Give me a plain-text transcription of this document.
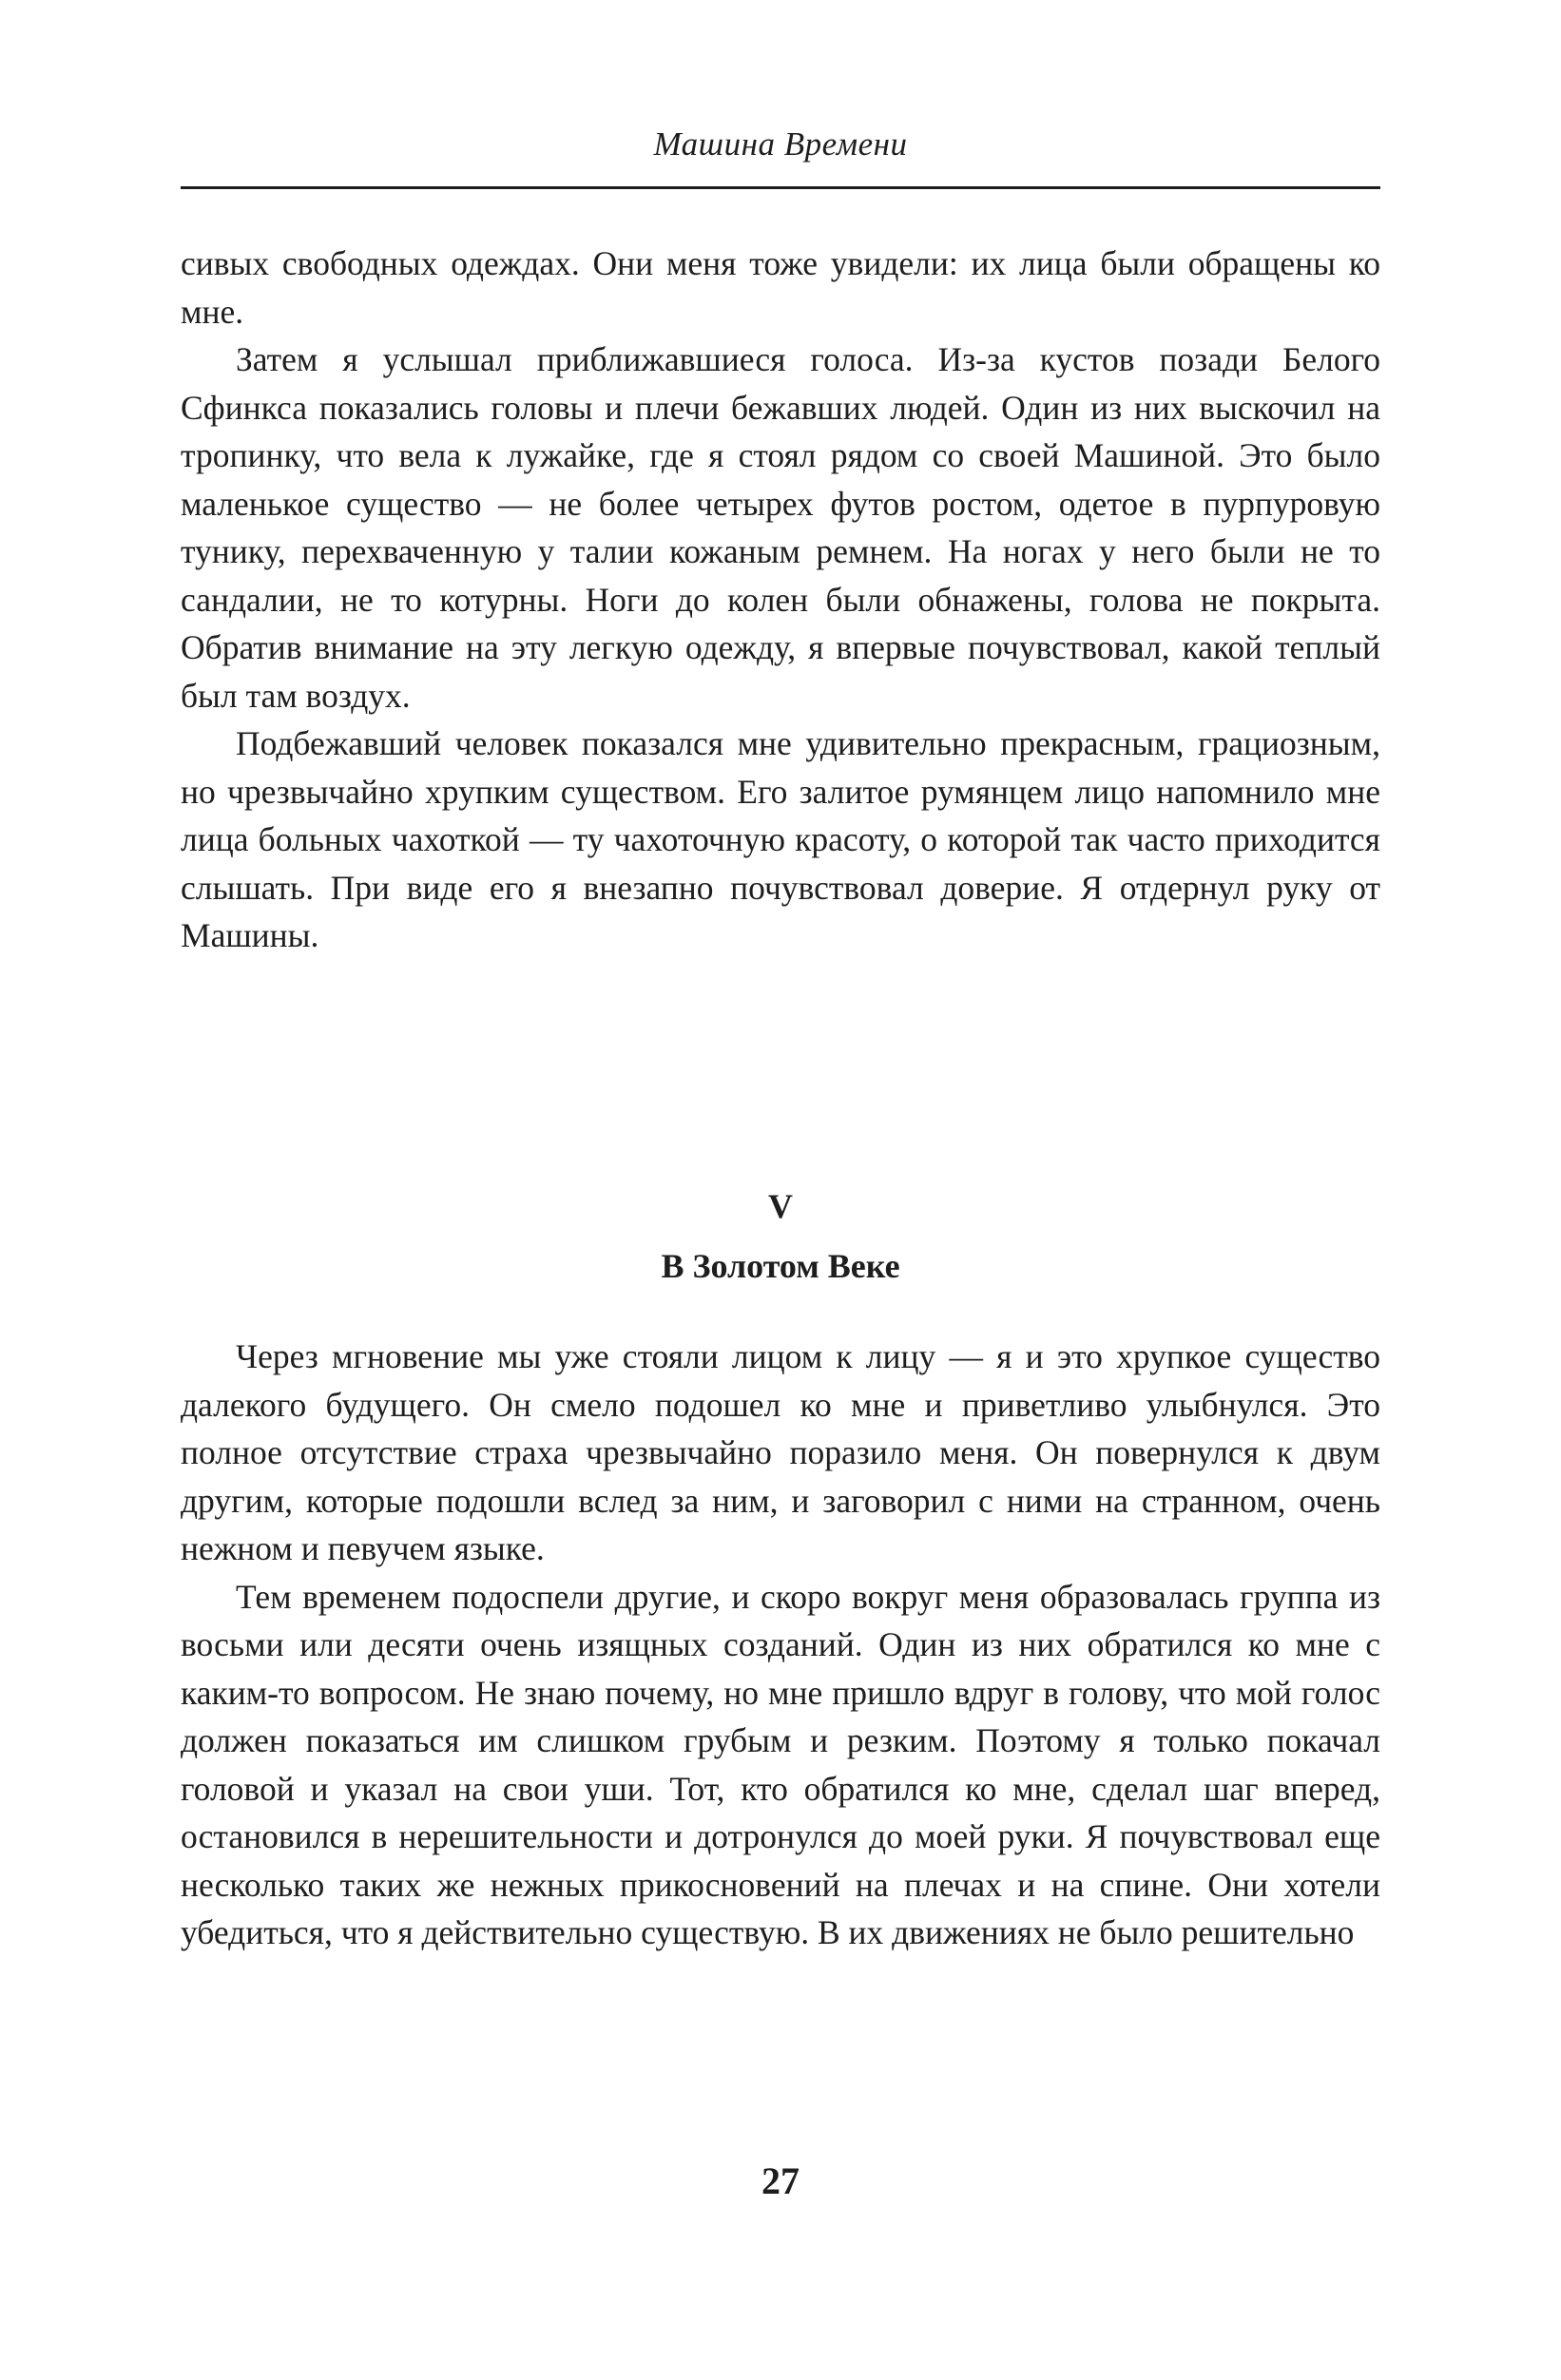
Машина Времени

сивых свободных одеждах. Они меня тоже увидели: их лица были обращены ко мне.

Затем я услышал приближавшиеся голоса. Из-за кустов позади Белого Сфинкса показались головы и плечи бежавших людей. Один из них выскочил на тропинку, что вела к лужайке, где я стоял рядом со своей Машиной. Это было маленькое существо — не более четырех футов ростом, одетое в пурпуровую тунику, перехваченную у талии кожаным ремнем. На ногах у него были не то сандалии, не то котурны. Ноги до колен были обнажены, голова не покрыта. Обратив внимание на эту легкую одежду, я впервые почувствовал, какой теплый был там воздух.

Подбежавший человек показался мне удивительно прекрасным, грациозным, но чрезвычайно хрупким существом. Его залитое румянцем лицо напомнило мне лица больных чахоткой — ту чахоточную красоту, о которой так часто приходится слышать. При виде его я внезапно почувствовал доверие. Я отдернул руку от Машины.

V
В Золотом Веке

Через мгновение мы уже стояли лицом к лицу — я и это хрупкое существо далекого будущего. Он смело подошел ко мне и приветливо улыбнулся. Это полное отсутствие страха чрезвычайно поразило меня. Он повернулся к двум другим, которые подошли вслед за ним, и заговорил с ними на странном, очень нежном и певучем языке.

Тем временем подоспели другие, и скоро вокруг меня образовалась группа из восьми или десяти очень изящных созданий. Один из них обратился ко мне с каким-то вопросом. Не знаю почему, но мне пришло вдруг в голову, что мой голос должен показаться им слишком грубым и резким. Поэтому я только покачал головой и указал на свои уши. Тот, кто обратился ко мне, сделал шаг вперед, остановился в нерешительности и дотронулся до моей руки. Я почувствовал еще несколько таких же нежных прикосновений на плечах и на спине. Они хотели убедиться, что я действительно существую. В их движениях не было решительно

27
